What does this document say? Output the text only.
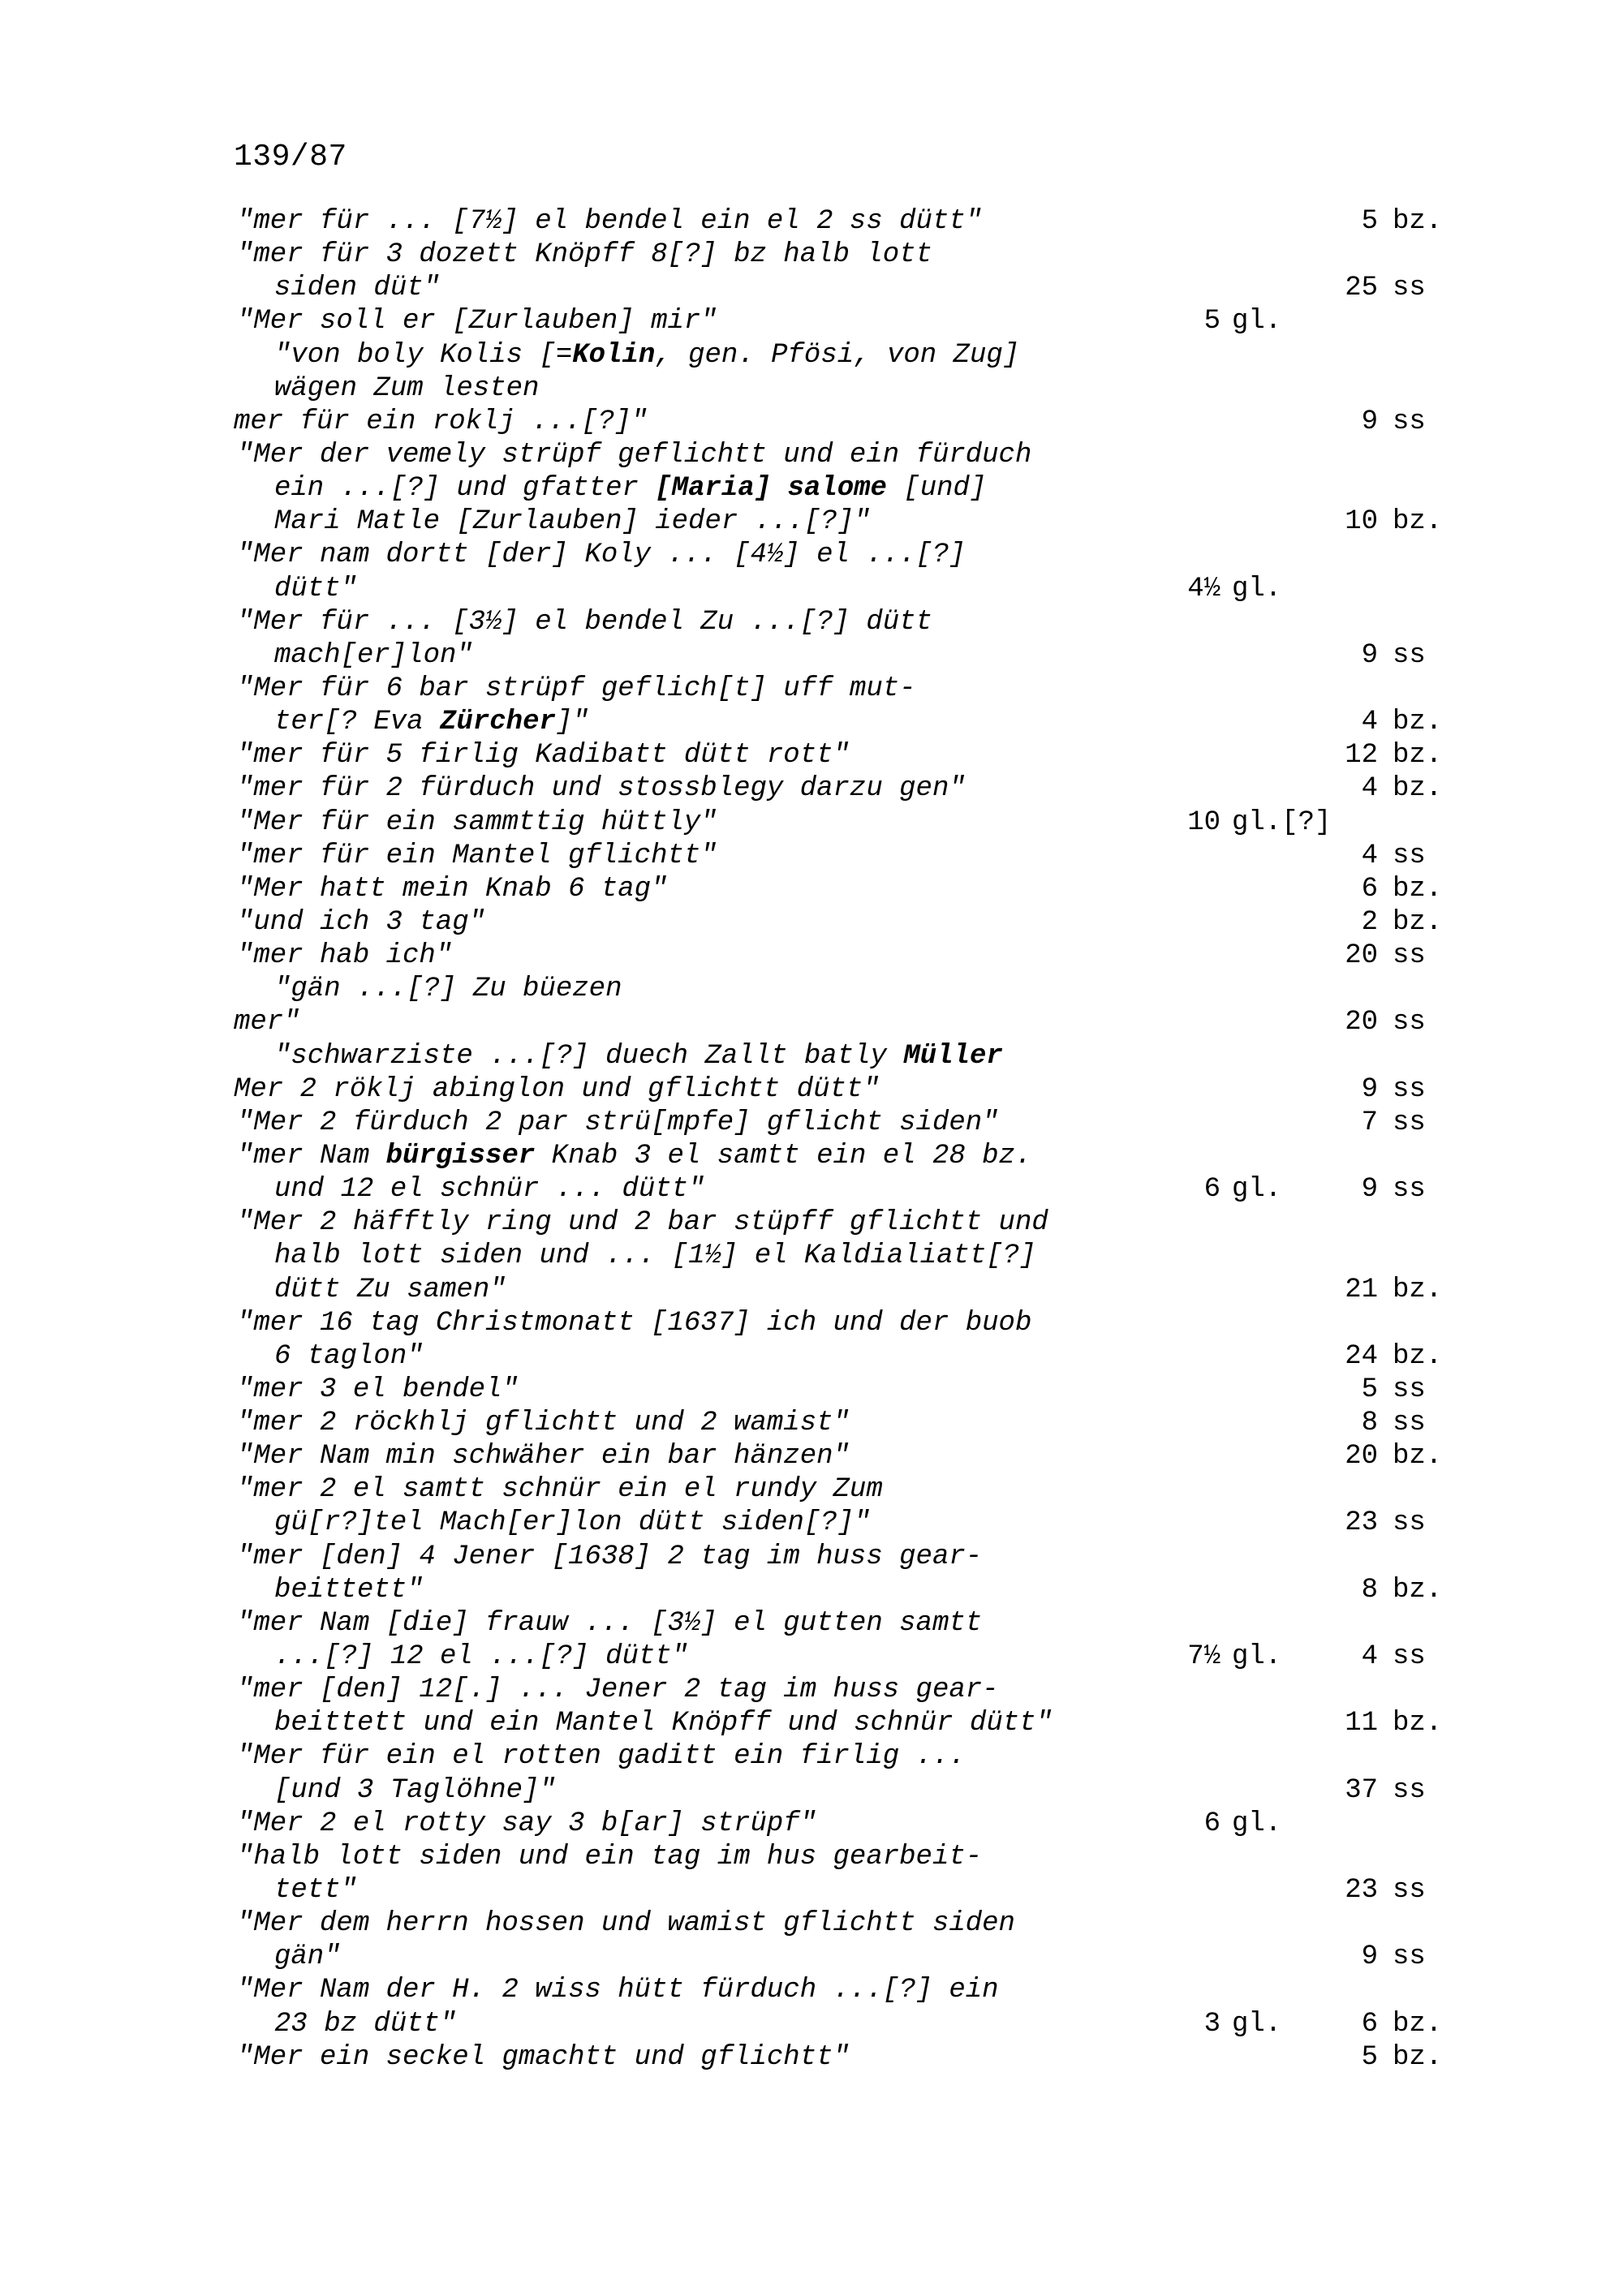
139/87
"mer für ... [7½] el bendel ein el 2 ss dütt"	5 bz.
"mer für 3 dozett Knöpff 8[?] bz halb lott
siden düt"	25 ss
"Mer soll er [Zurlauben] mir"	5 gl.
"von boly Kolis [=Kolin, gen. Pfösi, von Zug]
wägen Zum lesten
mer für ein roklj ...[?]"	9 ss
"Mer der vemely strüpf geflichtt und ein fürduch
ein ...[?] und gfatter [Maria] salome [und]
Mari Matle [Zurlauben] ieder ...[?]"	10 bz.
"Mer nam dortt [der] Koly ... [4½] el ...[?]
dütt"	4½ gl.
"Mer für ... [3½] el bendel Zu ...[?] dütt
mach[er]lon"	9 ss
"Mer für 6 bar strüpf geflich[t] uff mut-
ter[? Eva Zürcher]"	4 bz.
"mer für 5 firlig Kadibatt dütt rott"	12 bz.
"mer für 2 fürduch und stossblegy darzu gen"	4 bz.
"Mer für ein sammttig hüttly"	10 gl.[?]
"mer für ein Mantel gflichtt"	4 ss
"Mer hatt mein Knab 6 tag"	6 bz.
"und ich 3 tag"	2 bz.
"mer hab ich"	20 ss
"gän ...[?] Zu büezen
mer"	20 ss
"schwarziste ...[?] duech Zallt batly Müller
Mer 2 röklj abinglon und gflichtt dütt"	9 ss
"Mer 2 fürduch 2 par strü[mpfe] gflicht siden"	7 ss
"mer Nam bürgisser Knab 3 el samtt ein el 28 bz.
und 12 el schnür ... dütt"	6 gl.	9 ss
"Mer 2 häfftly ring und 2 bar stüpff gflichtt und
halb lott siden und ... [1½] el Kaldialiatt[?]
dütt Zu samen"	21 bz.
"mer 16 tag Christmonatt [1637] ich und der buob
6 taglon"	24 bz.
"mer 3 el bendel"	5 ss
"mer 2 röckhlj gflichtt und 2 wamist"	8 ss
"Mer Nam min schwäher ein bar hänzen"	20 bz.
"mer 2 el samtt schnür ein el rundy Zum
gü[r?]tel Mach[er]lon dütt siden[?]"	23 ss
"mer [den] 4 Jener [1638] 2 tag im huss gear-
beittett"	8 bz.
"mer Nam [die] frauw ... [3½] el gutten samtt
...[?] 12 el ...[?] dütt"	7½ gl.	4 ss
"mer [den] 12[.] ... Jener 2 tag im huss gear-
beittett und ein Mantel Knöpff und schnür dütt"	11 bz.
"Mer für ein el rotten gaditt ein firlig ...
[und 3 Taglöhne]"	37 ss
"Mer 2 el rotty say 3 b[ar] strüpf"	6 gl.
"halb lott siden und ein tag im hus gearbeit-
tett"	23 ss
"Mer dem herrn hossen und wamist gflichtt siden
gän"	9 ss
"Mer Nam der H. 2 wiss hütt fürduch ...[?] ein
23 bz dütt"	3 gl.	6 bz.
"Mer ein seckel gmachtt und gflichtt"	5 bz.
